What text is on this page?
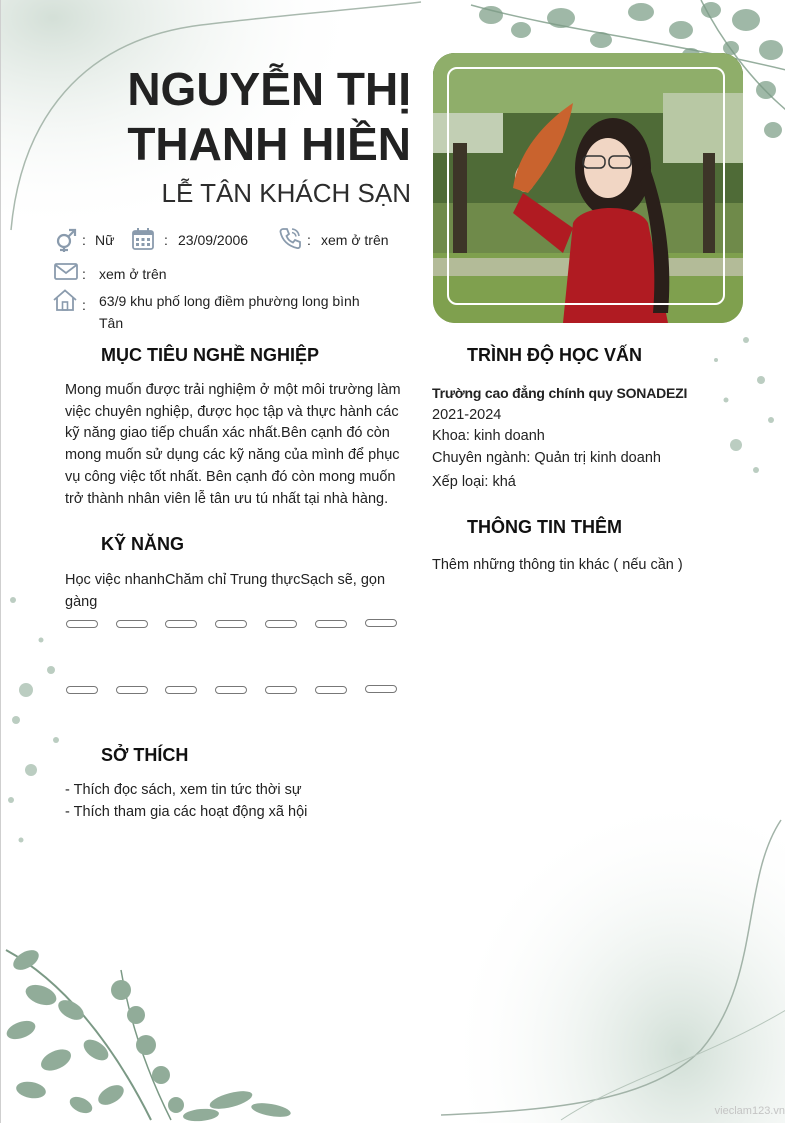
NGUYỄN THỊ
THANH HIỀN
LỄ TÂN KHÁCH SẠN
: Nữ	: 23/09/2006	: xem ở trên
: xem ở trên
: 63/9 khu phố long điềm phường long bình
Tân
MỤC TIÊU NGHỀ NGHIỆP
Mong muốn được trải nghiệm ở một môi trường làm
việc chuyên nghiệp, được học tập và thực hành các
kỹ năng giao tiếp chuẩn xác nhất.Bên cạnh đó còn
mong muốn sử dụng các kỹ năng của mình để phục
vụ công việc tốt nhất. Bên cạnh đó còn mong muốn
trở thành nhân viên lễ tân ưu tú nhất tại nhà hàng.
KỸ NĂNG
Học việc nhanhChăm chỉ Trung thựcSạch sẽ, gọn
gàng
SỞ THÍCH
- Thích đọc sách, xem tin tức thời sự
- Thích tham gia các hoạt động xã hội
TRÌNH ĐỘ HỌC VẤN
Trường cao đẳng chính quy SONADEZI
2021-2024
Khoa: kinh doanh
Chuyên ngành: Quản trị kinh doanh
Xếp loại: khá
THÔNG TIN THÊM
Thêm những thông tin khác ( nếu cần )
vieclam123.vn
